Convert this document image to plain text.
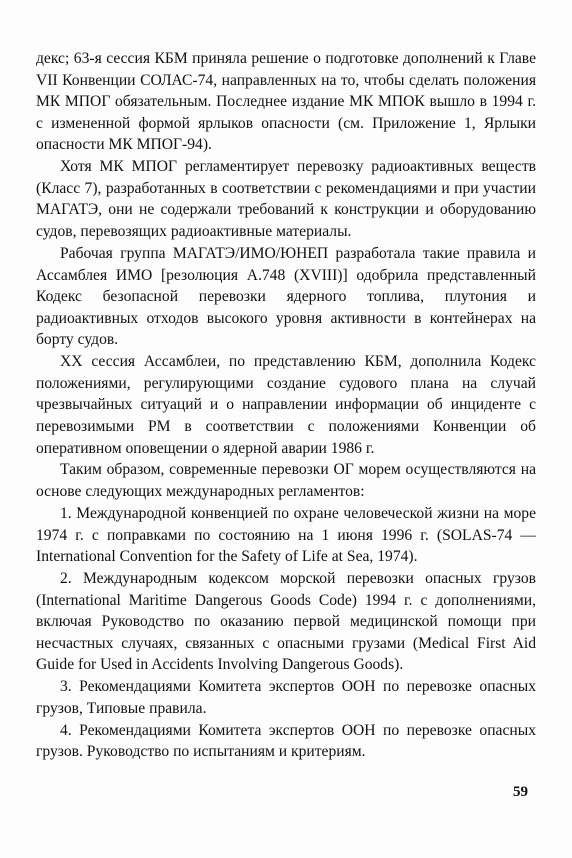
декс; 63-я сессия КБМ приняла решение о подготовке дополнений к Главе VII Конвенции СОЛАС-74, направленных на то, чтобы сделать положения МК МПОГ обязательным. Последнее издание МК МПОК вышло в 1994 г. с измененной формой ярлыков опасности (см. Приложение 1, Ярлыки опасности МК МПОГ-94).

Хотя МК МПОГ регламентирует перевозку радиоактивных веществ (Класс 7), разработанных в соответствии с рекомендациями и при участии МАГАТЭ, они не содержали требований к конструкции и оборудованию судов, перевозящих радиоактивные материалы.

Рабочая группа МАГАТЭ/ИМО/ЮНЕП разработала такие правила и Ассамблея ИМО [резолюция А.748 (XVIII)] одобрила представленный Кодекс безопасной перевозки ядерного топлива, плутония и радиоактивных отходов высокого уровня активности в контейнерах на борту судов.

XX сессия Ассамблеи, по представлению КБМ, дополнила Кодекс положениями, регулирующими создание судового плана на случай чрезвычайных ситуаций и о направлении информации об инциденте с перевозимыми РМ в соответствии с положениями Конвенции об оперативном оповещении о ядерной аварии 1986 г.

Таким образом, современные перевозки ОГ морем осуществляются на основе следующих международных регламентов:

1. Международной конвенцией по охране человеческой жизни на море 1974 г. с поправками по состоянию на 1 июня 1996 г. (SOLAS-74 — International Convention for the Safety of Life at Sea, 1974).

2. Международным кодексом морской перевозки опасных грузов (International Maritime Dangerous Goods Code) 1994 г. с дополнениями, включая Руководство по оказанию первой медицинской помощи при несчастных случаях, связанных с опасными грузами (Medical First Aid Guide for Used in Accidents Involving Dangerous Goods).

3. Рекомендациями Комитета экспертов ООН по перевозке опасных грузов, Типовые правила.

4. Рекомендациями Комитета экспертов ООН по перевозке опасных грузов. Руководство по испытаниям и критериям.

59
